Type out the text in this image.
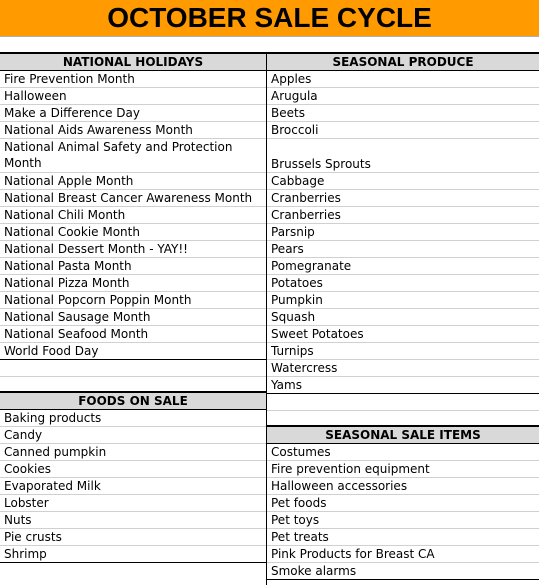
OCTOBER SALE CYCLE
NATIONAL HOLIDAYS
Fire Prevention Month
Halloween
Make a Difference Day
National Aids Awareness Month
National Animal Safety and Protection Month
National Apple Month
National Breast Cancer Awareness Month
National Chili Month
National Cookie Month
National Dessert Month - YAY!!
National Pasta Month
National Pizza Month
National Popcorn Poppin Month
National Sausage Month
National Seafood Month
World Food Day
FOODS ON SALE
Baking products
Candy
Canned pumpkin
Cookies
Evaporated Milk
Lobster
Nuts
Pie crusts
Shrimp
SEASONAL PRODUCE
Apples
Arugula
Beets
Broccoli
Brussels Sprouts
Cabbage
Cranberries
Cranberries
Parsnip
Pears
Pomegranate
Potatoes
Pumpkin
Squash
Sweet Potatoes
Turnips
Watercress
Yams
SEASONAL SALE ITEMS
Costumes
Fire prevention equipment
Halloween accessories
Pet foods
Pet toys
Pet treats
Pink Products for Breast CA
Smoke alarms
